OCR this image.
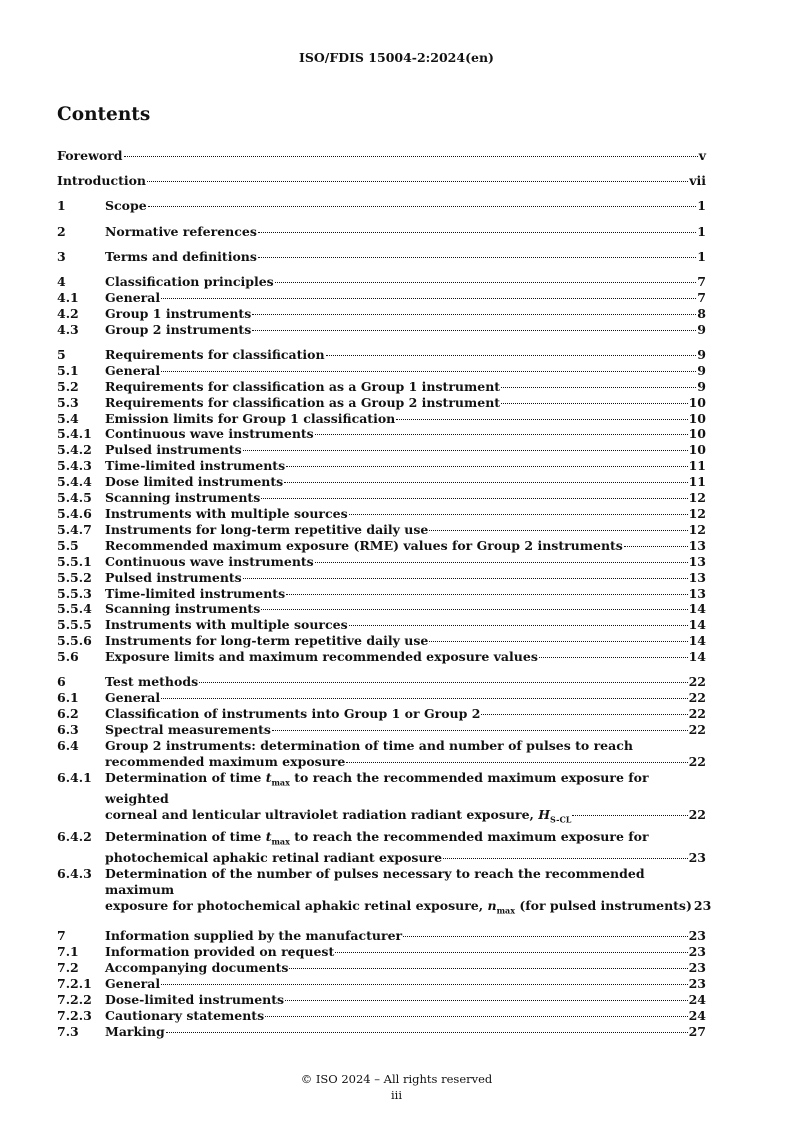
ISO/FDIS 15004-2:2024(en)
Contents
Foreword	v
Introduction	vii
1	Scope	1
2	Normative references	1
3	Terms and definitions	1
4	Classification principles	7
4.1 General	7
4.2 Group 1 instruments	8
4.3 Group 2 instruments	9
5	Requirements for classification	9
5.1 General	9
5.2 Requirements for classification as a Group 1 instrument	9
5.3 Requirements for classification as a Group 2 instrument	10
5.4 Emission limits for Group 1 classification	10
5.4.1 Continuous wave instruments	10
5.4.2 Pulsed instruments	10
5.4.3 Time-limited instruments	11
5.4.4 Dose limited instruments	11
5.4.5 Scanning instruments	12
5.4.6 Instruments with multiple sources	12
5.4.7 Instruments for long-term repetitive daily use	12
5.5 Recommended maximum exposure (RME) values for Group 2 instruments	13
5.5.1 Continuous wave instruments	13
5.5.2 Pulsed instruments	13
5.5.3 Time-limited instruments	13
5.5.4 Scanning instruments	14
5.5.5 Instruments with multiple sources	14
5.5.6 Instruments for long-term repetitive daily use	14
5.6 Exposure limits and maximum recommended exposure values	14
6	Test methods	22
6.1 General	22
6.2 Classification of instruments into Group 1 or Group 2	22
6.3 Spectral measurements	22
6.4 Group 2 instruments: determination of time and number of pulses to reach
recommended maximum exposure	22
6.4.1 Determination of time $t_{max}$ to reach the recommended maximum exposure for weighted
corneal and lenticular ultraviolet radiation radiant exposure, $H_{S-CL}$	22
6.4.2 Determination of time $t_{max}$ to reach the recommended maximum exposure for
photochemical aphakic retinal radiant exposure	23
6.4.3 Determination of the number of pulses necessary to reach the recommended maximum
exposure for photochemical aphakic retinal exposure, $n_{max}$ (for pulsed instruments) 23
7	Information supplied by the manufacturer	23
7.1 Information provided on request	23
7.2 Accompanying documents	23
7.2.1 General	23
7.2.2 Dose-limited instruments	24
7.2.3 Cautionary statements	24
7.3 Marking	27
© ISO 2024 – All rights reserved
iii
